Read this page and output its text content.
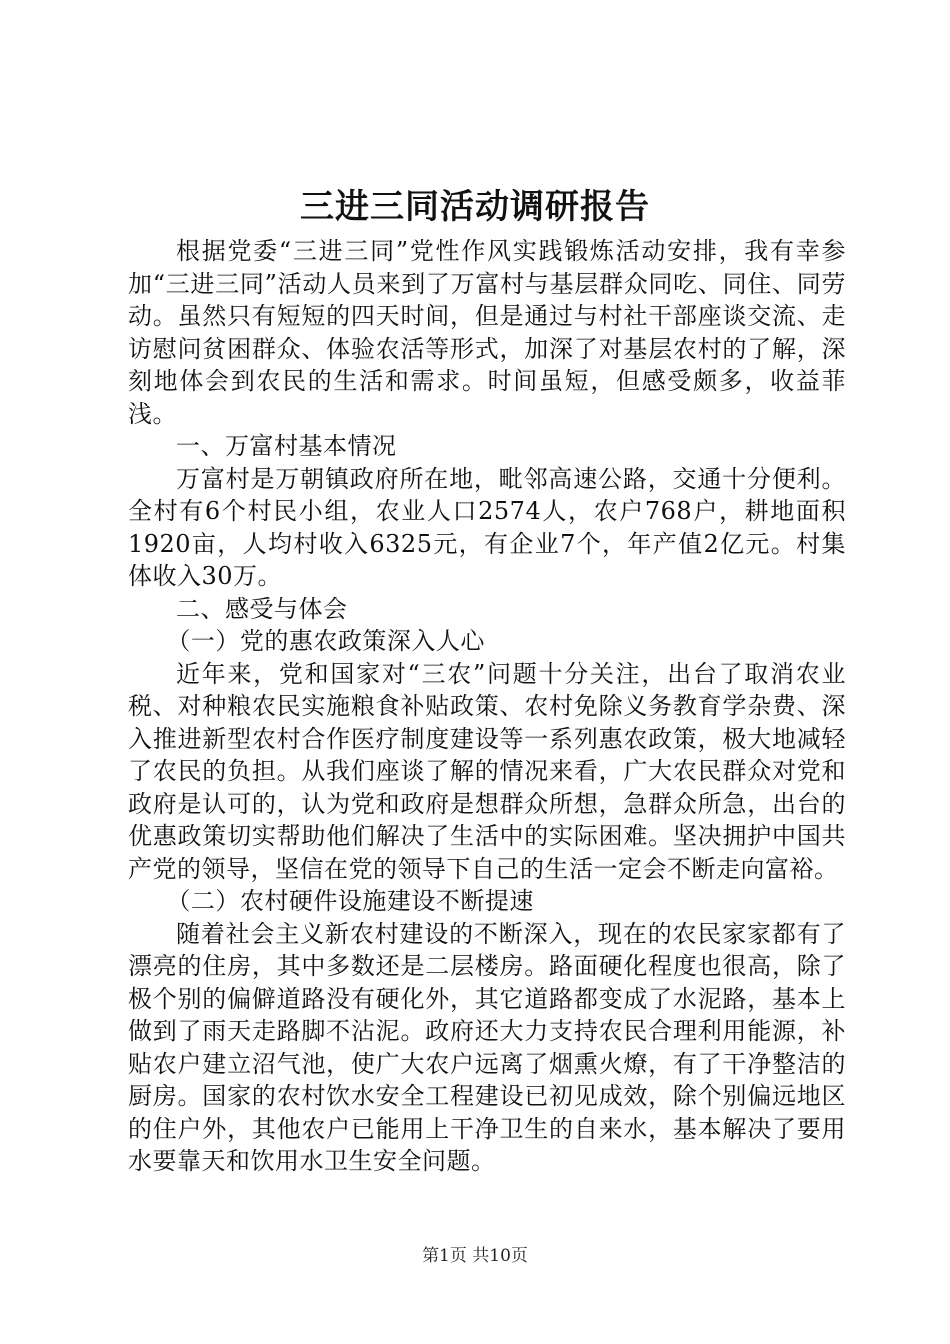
三进三同活动调研报告

根据党委“三进三同”党性作风实践锻炼活动安排，我有幸参加“三进三同”活动人员来到了万富村与基层群众同吃、同住、同劳动。虽然只有短短的四天时间，但是通过与村社干部座谈交流、走访慰问贫困群众、体验农活等形式，加深了对基层农村的了解，深刻地体会到农民的生活和需求。时间虽短，但感受颇多，收益菲浅。

一、万富村基本情况

万富村是万朝镇政府所在地，毗邻高速公路，交通十分便利。全村有6个村民小组，农业人口2574人，农户768户，耕地面积1920亩，人均村收入6325元，有企业7个，年产值2亿元。村集体收入30万。

二、感受与体会

（一）党的惠农政策深入人心

近年来，党和国家对“三农”问题十分关注，出台了取消农业税、对种粮农民实施粮食补贴政策、农村免除义务教育学杂费、深入推进新型农村合作医疗制度建设等一系列惠农政策，极大地减轻了农民的负担。从我们座谈了解的情况来看，广大农民群众对党和政府是认可的，认为党和政府是想群众所想，急群众所急，出台的优惠政策切实帮助他们解决了生活中的实际困难。坚决拥护中国共产党的领导，坚信在党的领导下自己的生活一定会不断走向富裕。

（二）农村硬件设施建设不断提速

随着社会主义新农村建设的不断深入，现在的农民家家都有了漂亮的住房，其中多数还是二层楼房。路面硬化程度也很高，除了极个别的偏僻道路没有硬化外，其它道路都变成了水泥路，基本上做到了雨天走路脚不沾泥。政府还大力支持农民合理利用能源，补贴农户建立沼气池，使广大农户远离了烟熏火燎，有了干净整洁的厨房。国家的农村饮水安全工程建设已初见成效，除个别偏远地区的住户外，其他农户已能用上干净卫生的自来水，基本解决了要用水要靠天和饮用水卫生安全问题。

第1页 共10页
